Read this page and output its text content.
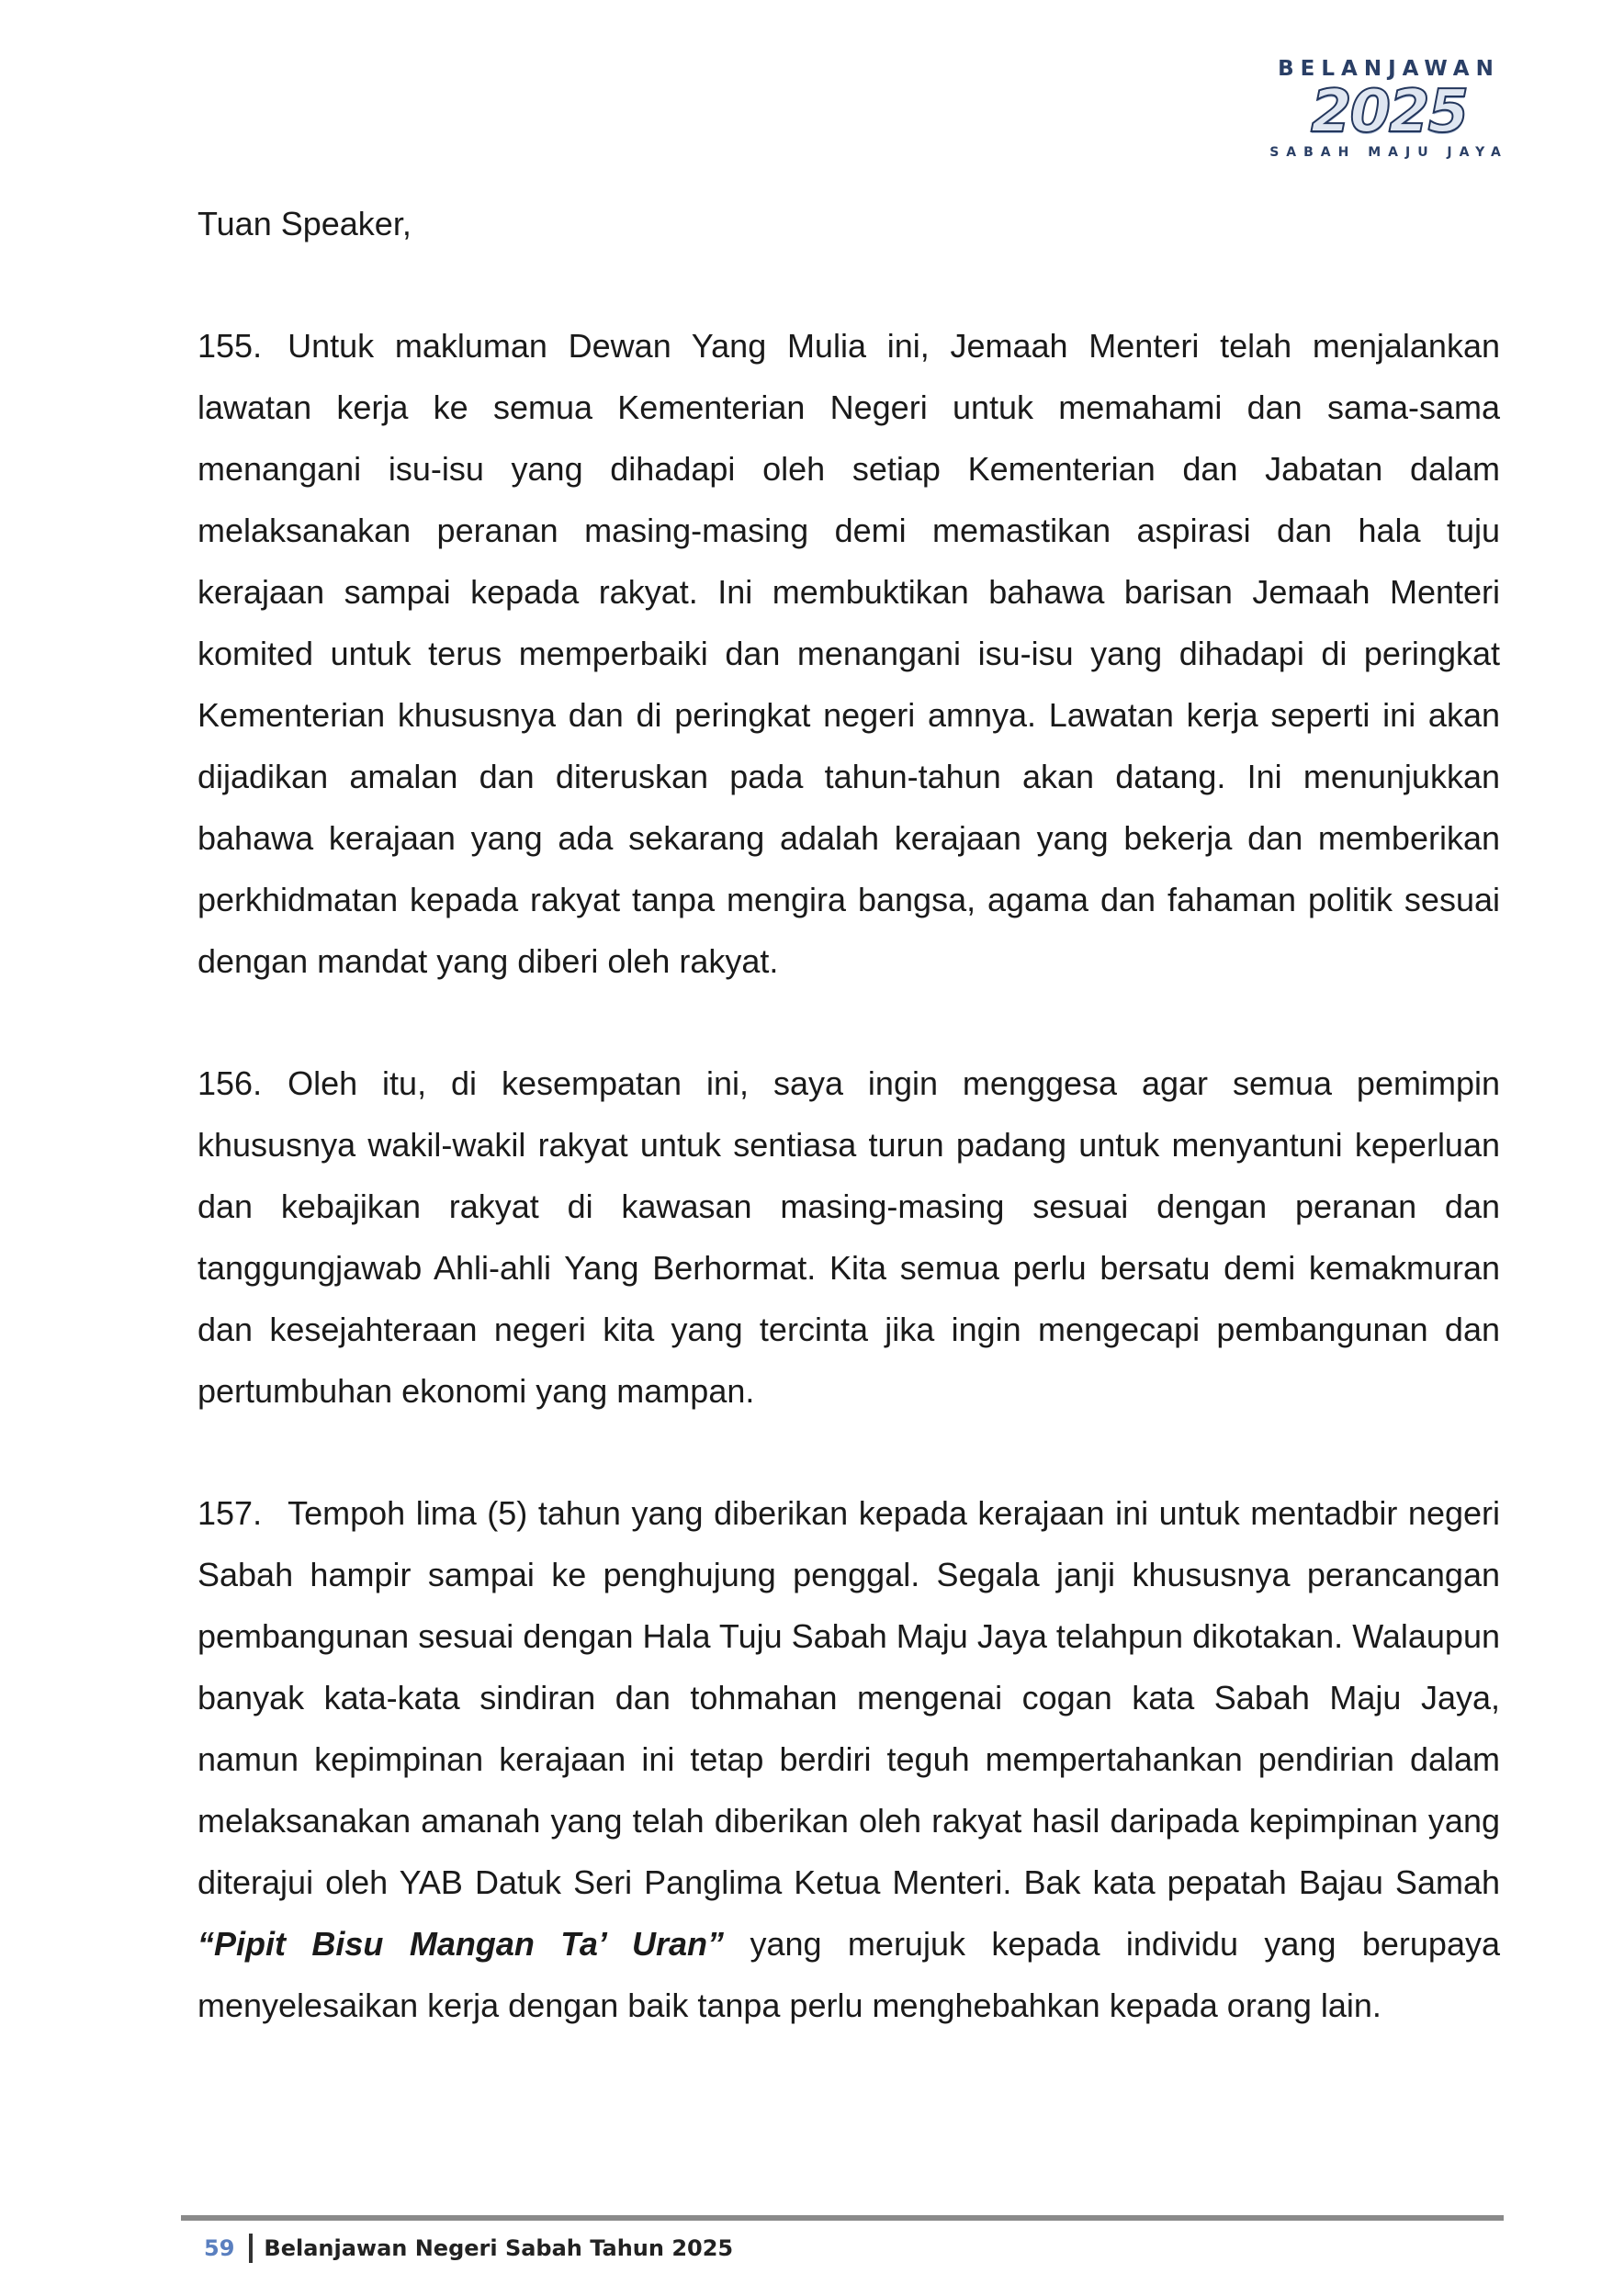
BELANJAWAN
2025
SABAH MAJU JAYA

Tuan Speaker,

155. Untuk makluman Dewan Yang Mulia ini, Jemaah Menteri telah menjalankan lawatan kerja ke semua Kementerian Negeri untuk memahami dan sama-sama menangani isu-isu yang dihadapi oleh setiap Kementerian dan Jabatan dalam melaksanakan peranan masing-masing demi memastikan aspirasi dan hala tuju kerajaan sampai kepada rakyat. Ini membuktikan bahawa barisan Jemaah Menteri komited untuk terus memperbaiki dan menangani isu-isu yang dihadapi di peringkat Kementerian khususnya dan di peringkat negeri amnya. Lawatan kerja seperti ini akan dijadikan amalan dan diteruskan pada tahun-tahun akan datang. Ini menunjukkan bahawa kerajaan yang ada sekarang adalah kerajaan yang bekerja dan memberikan perkhidmatan kepada rakyat tanpa mengira bangsa, agama dan fahaman politik sesuai dengan mandat yang diberi oleh rakyat.

156. Oleh itu, di kesempatan ini, saya ingin menggesa agar semua pemimpin khususnya wakil-wakil rakyat untuk sentiasa turun padang untuk menyantuni keperluan dan kebajikan rakyat di kawasan masing-masing sesuai dengan peranan dan tanggungjawab Ahli-ahli Yang Berhormat. Kita semua perlu bersatu demi kemakmuran dan kesejahteraan negeri kita yang tercinta jika ingin mengecapi pembangunan dan pertumbuhan ekonomi yang mampan.

157. Tempoh lima (5) tahun yang diberikan kepada kerajaan ini untuk mentadbir negeri Sabah hampir sampai ke penghujung penggal. Segala janji khususnya perancangan pembangunan sesuai dengan Hala Tuju Sabah Maju Jaya telahpun dikotakan. Walaupun banyak kata-kata sindiran dan tohmahan mengenai cogan kata Sabah Maju Jaya, namun kepimpinan kerajaan ini tetap berdiri teguh mempertahankan pendirian dalam melaksanakan amanah yang telah diberikan oleh rakyat hasil daripada kepimpinan yang diterajui oleh YAB Datuk Seri Panglima Ketua Menteri. Bak kata pepatah Bajau Samah “Pipit Bisu Mangan Ta’ Uran” yang merujuk kepada individu yang berupaya menyelesaikan kerja dengan baik tanpa perlu menghebahkan kepada orang lain.

59 Belanjawan Negeri Sabah Tahun 2025
